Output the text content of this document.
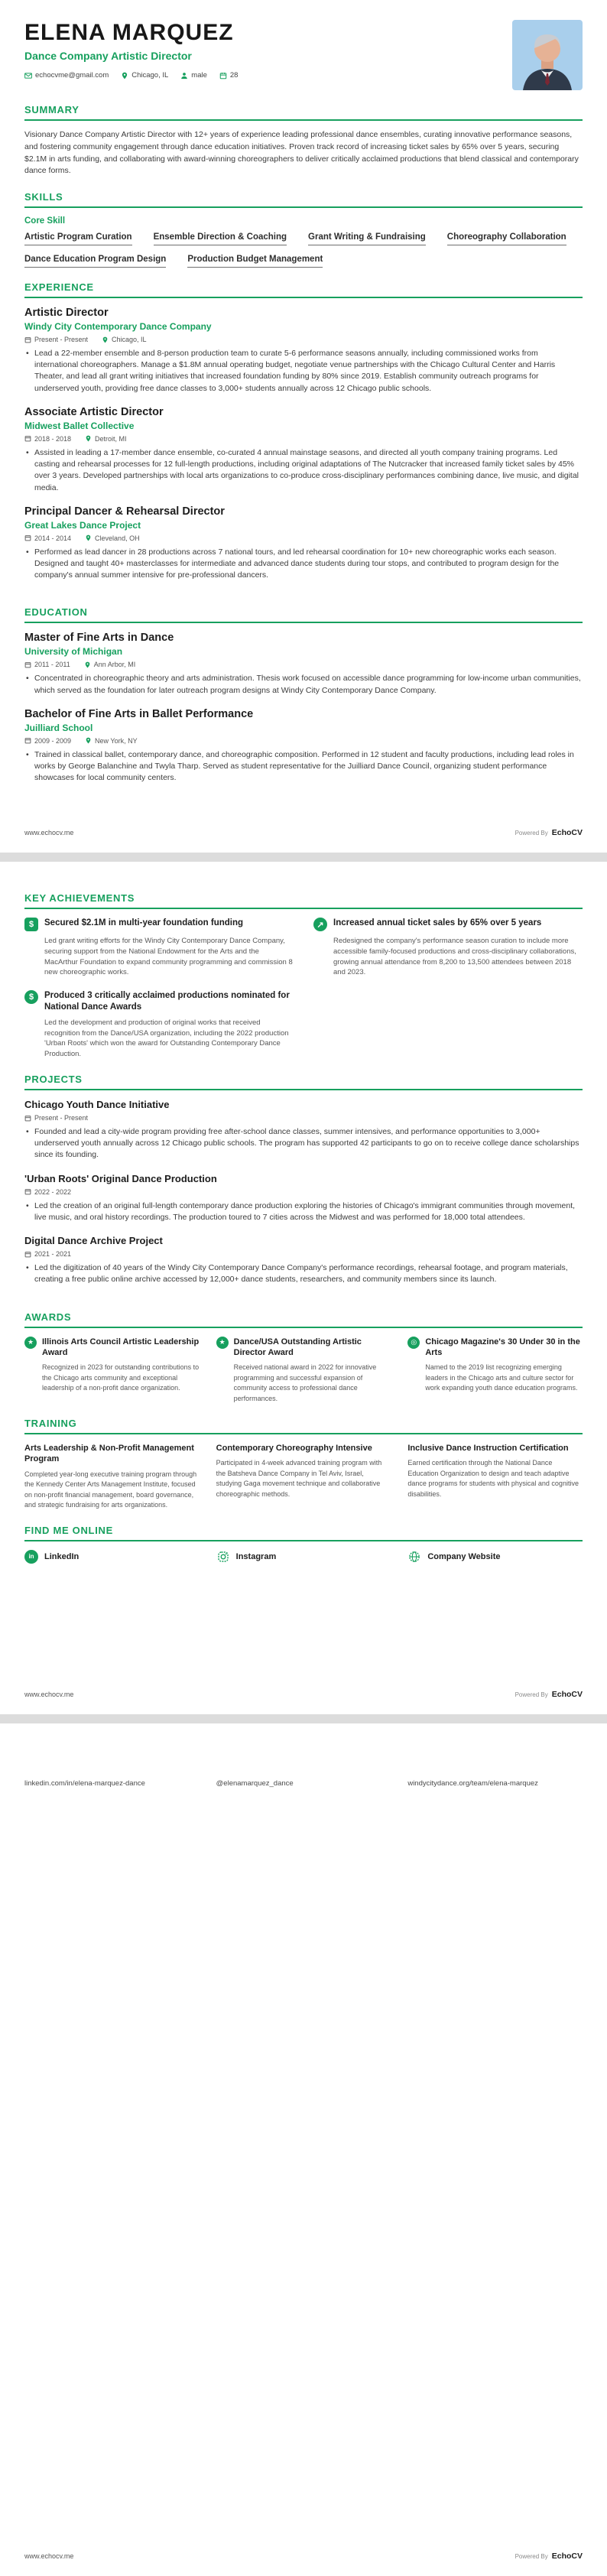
ELENA MARQUEZ
Dance Company Artistic Director
echocvme@gmail.com	Chicago, IL	male	28
SUMMARY
Visionary Dance Company Artistic Director with 12+ years of experience leading professional dance ensembles, curating innovative performance seasons, and fostering community engagement through dance education initiatives. Proven track record of increasing ticket sales by 65% over 5 years, securing $2.1M in arts funding, and collaborating with award-winning choreographers to deliver critically acclaimed productions that blend classical and contemporary dance forms.
SKILLS
Core Skill
Artistic Program Curation Ensemble Direction & Coaching Grant Writing & Fundraising Choreography Collaboration
Dance Education Program Design Production Budget Management
EXPERIENCE
Artistic Director
Windy City Contemporary Dance Company
Present - Present	Chicago, IL
• Lead a 22-member ensemble and 8-person production team to curate 5-6 performance seasons annually, including commissioned works from international choreographers. Manage a $1.8M annual operating budget, negotiate venue partnerships with the Chicago Cultural Center and Harris Theater, and lead all grant writing initiatives that increased foundation funding by 80% since 2019. Establish community outreach programs for underserved youth, providing free dance classes to 3,000+ students annually across 12 Chicago public schools.
Associate Artistic Director
Midwest Ballet Collective
2018 - 2018	Detroit, MI
• Assisted in leading a 17-member dance ensemble, co-curated 4 annual mainstage seasons, and directed all youth company training programs. Led casting and rehearsal processes for 12 full-length productions, including original adaptations of The Nutcracker that increased family ticket sales by 45% over 3 years. Developed partnerships with local arts organizations to co-produce cross-disciplinary performances combining dance, live music, and digital media.
Principal Dancer & Rehearsal Director
Great Lakes Dance Project
2014 - 2014	Cleveland, OH
• Performed as lead dancer in 28 productions across 7 national tours, and led rehearsal coordination for 10+ new choreographic works each season. Designed and taught 40+ masterclasses for intermediate and advanced dance students during tour stops, and contributed to program design for the company's annual summer intensive for pre-professional dancers.
EDUCATION
Master of Fine Arts in Dance
University of Michigan
2011 - 2011	Ann Arbor, MI
• Concentrated in choreographic theory and arts administration. Thesis work focused on accessible dance programming for low-income urban communities, which served as the foundation for later outreach program designs at Windy City Contemporary Dance Company.
Bachelor of Fine Arts in Ballet Performance
Juilliard School
2009 - 2009	New York, NY
• Trained in classical ballet, contemporary dance, and choreographic composition. Performed in 12 student and faculty productions, including lead roles in works by George Balanchine and Twyla Tharp. Served as student representative for the Juilliard Dance Council, organizing student performance showcases for local community centers.
www.echocv.me	Powered By EchoCV
KEY ACHIEVEMENTS
$	Secured $2.1M in multi-year foundation funding
Led grant writing efforts for the Windy City Contemporary Dance Company, securing support from the National Endowment for the Arts and the MacArthur Foundation to expand community programming and commission 8 new choreographic works.
$	Produced 3 critically acclaimed productions nominated for National Dance Awards
Led the development and production of original works that received recognition from the Dance/USA organization, including the 2022 production 'Urban Roots' which won the award for Outstanding Contemporary Dance Production.
↗	Increased annual ticket sales by 65% over 5 years
Redesigned the company's performance season curation to include more accessible family-focused productions and cross-disciplinary collaborations, growing annual attendance from 8,200 to 13,500 attendees between 2018 and 2023.
PROJECTS
Chicago Youth Dance Initiative
Present - Present
• Founded and lead a city-wide program providing free after-school dance classes, summer intensives, and performance opportunities to 3,000+ underserved youth annually across 12 Chicago public schools. The program has supported 42 participants to go on to receive college dance scholarships since its founding.
'Urban Roots' Original Dance Production
2022 - 2022
• Led the creation of an original full-length contemporary dance production exploring the histories of Chicago's immigrant communities through movement, live music, and oral history recordings. The production toured to 7 cities across the Midwest and was performed for 18,000 total attendees.
Digital Dance Archive Project
2021 - 2021
• Led the digitization of 40 years of the Windy City Contemporary Dance Company's performance recordings, rehearsal footage, and program materials, creating a free public online archive accessed by 12,000+ dance students, researchers, and community members since its launch.
AWARDS
★ Illinois Arts Council Artistic Leadership Award
Recognized in 2023 for outstanding contributions to the Chicago arts community and exceptional leadership of a non-profit dance organization.
★ Dance/USA Outstanding Artistic Director Award
Received national award in 2022 for innovative programming and successful expansion of community access to professional dance performances.
◎	Chicago Magazine's 30 Under 30 in the Arts
Named to the 2019 list recognizing emerging leaders in the Chicago arts and culture sector for work expanding youth dance education programs.
TRAINING
Arts Leadership & Non-Profit Management Program
Completed year-long executive training program through the Kennedy Center Arts Management Institute, focused on non-profit financial management, board governance, and strategic fundraising for arts organizations.
Contemporary Choreography Intensive
Participated in 4-week advanced training program with the Batsheva Dance Company in Tel Aviv, Israel, studying Gaga movement technique and collaborative choreographic methods.
Inclusive Dance Instruction Certification
Earned certification through the National Dance Education Organization to design and teach adaptive dance programs for students with physical and cognitive disabilities.
FIND ME ONLINE
in	LinkedIn	Instagram	Company Website
www.echocv.me	Powered By EchoCV
linkedin.com/in/elena-marquez-dance	@elenamarquez_dance	windycitydance.org/team/elena-marquez
www.echocv.me	Powered By EchoCV
